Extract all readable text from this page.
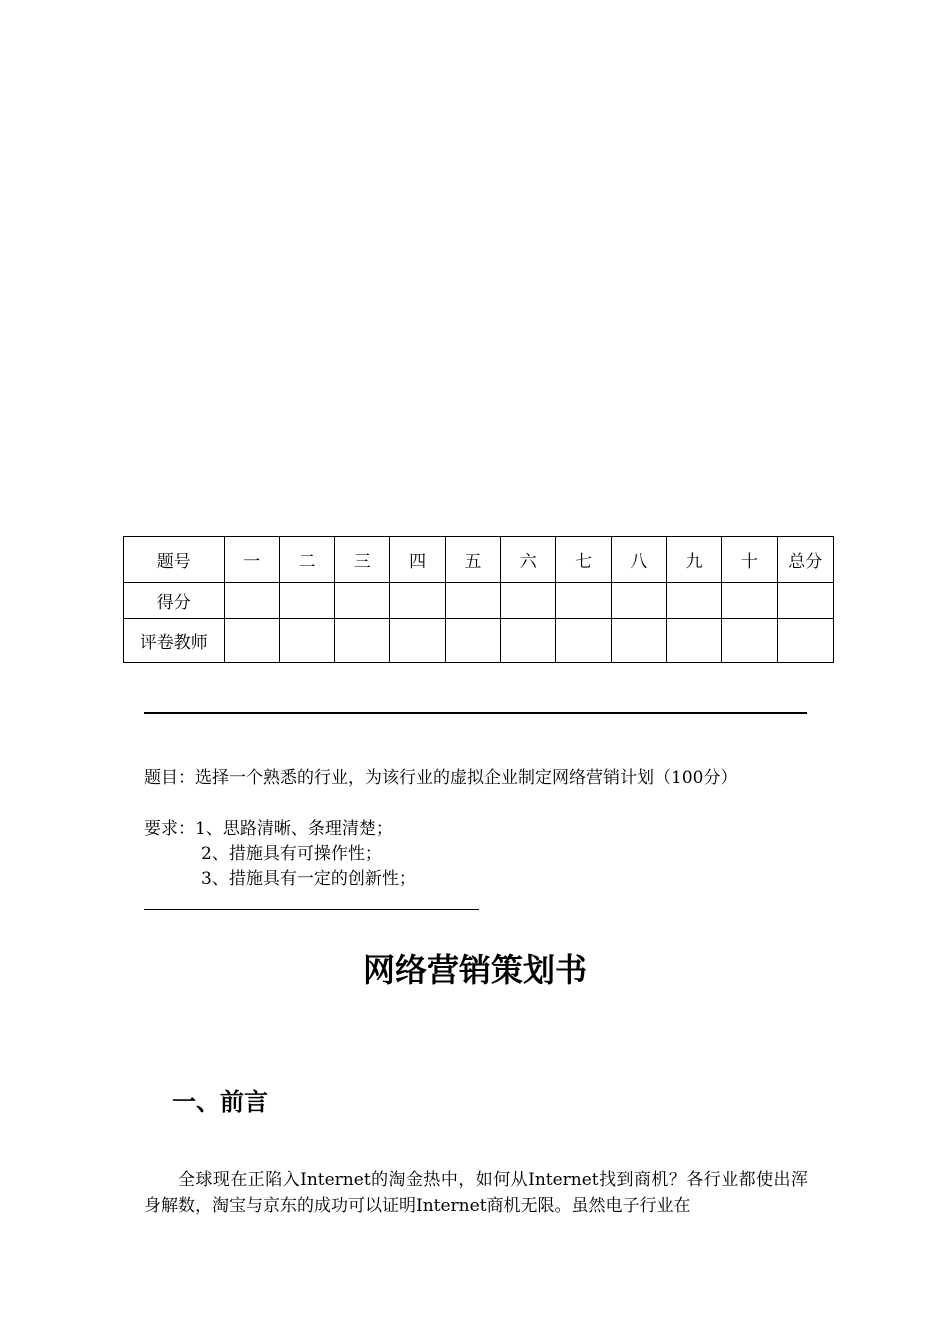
题号	一	二	三	四	五	六	七	八	九	十	总分
得分											
评卷教师											
题目：选择一个熟悉的行业，为该行业的虚拟企业制定网络营销计划（100分）
要求：1、思路清晰、条理清楚；
2、措施具有可操作性；
3、措施具有一定的创新性；
网络营销策划书
一、前言
全球现在正陷入Internet的淘金热中，如何从Internet找到商机？各行业都使出浑身解数，淘宝与京东的成功可以证明Internet商机无限。虽然电子行业在
